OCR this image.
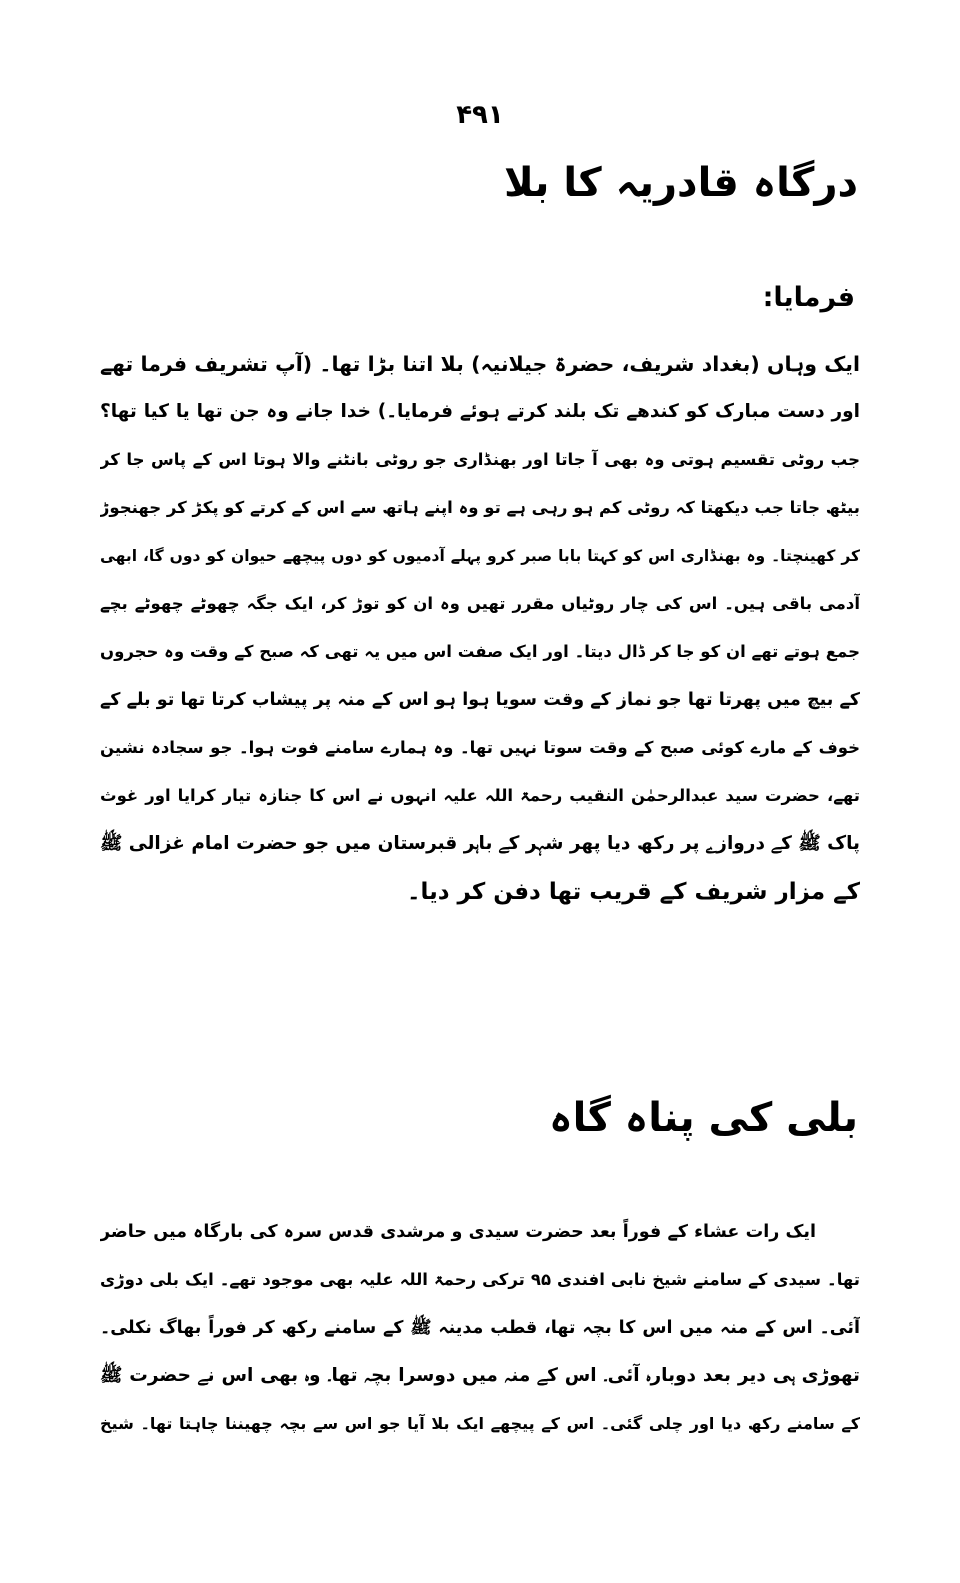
۴۹۱
درگاہ قادریہ کا بلا
فرمایا:
ایک وہاں (بغداد شریف، حضرۃ جیلانیہ) بلا اتنا بڑا تھا۔ (آپ تشریف فرما تھے
اور دست مبارک کو کندھے تک بلند کرتے ہوئے فرمایا۔) خدا جانے وہ جن تھا یا کیا تھا؟
جب روٹی تقسیم ہوتی وہ بھی آ جاتا اور بھنڈاری جو روٹی بانٹنے والا ہوتا اس کے پاس جا کر
بیٹھ جاتا جب دیکھتا کہ روٹی کم ہو رہی ہے تو وہ اپنے ہاتھ سے اس کے کرتے کو پکڑ کر جھنجوڑ
کر کھینچتا۔ وہ بھنڈاری اس کو کہتا بابا صبر کرو پہلے آدمیوں کو دوں پیچھے حیوان کو دوں گا، ابھی
آدمی باقی ہیں۔ اس کی چار روٹیاں مقرر تھیں وہ ان کو توڑ کر، ایک جگہ چھوٹے چھوٹے بچے
جمع ہوتے تھے ان کو جا کر ڈال دیتا۔ اور ایک صفت اس میں یہ تھی کہ صبح کے وقت وہ حجروں
کے بیچ میں پھرتا تھا جو نماز کے وقت سویا ہوا ہو اس کے منہ پر پیشاب کرتا تھا تو بلے کے
خوف کے مارے کوئی صبح کے وقت سوتا نہیں تھا۔ وہ ہمارے سامنے فوت ہوا۔ جو سجادہ نشین
تھے، حضرت سید عبدالرحمٰن النقیب رحمۃ اللہ علیہ انہوں نے اس کا جنازہ تیار کرایا اور غوث
پاک ﷺ کے دروازے پر رکھ دیا پھر شہر کے باہر قبرستان میں جو حضرت امام غزالی ﷺ
کے مزار شریف کے قریب تھا دفن کر دیا۔
بلی کی پناہ گاہ
ایک رات عشاء کے فوراً بعد حضرت سیدی و مرشدی قدس سرہ کی بارگاہ میں حاضر
تھا۔ سیدی کے سامنے شیخ نابی افندی ۹۵ ترکی رحمۃ اللہ علیہ بھی موجود تھے۔ ایک بلی دوڑی
آئی۔ اس کے منہ میں اس کا بچہ تھا، قطب مدینہ ﷺ کے سامنے رکھ کر فوراً بھاگ نکلی۔
تھوڑی ہی دیر بعد دوبارہ آئی۔ اس کے منہ میں دوسرا بچہ تھا۔ وہ بھی اس نے حضرت ﷺ
کے سامنے رکھ دیا اور چلی گئی۔ اس کے پیچھے ایک بلا آیا جو اس سے بچہ چھیننا چاہتا تھا۔ شیخ
